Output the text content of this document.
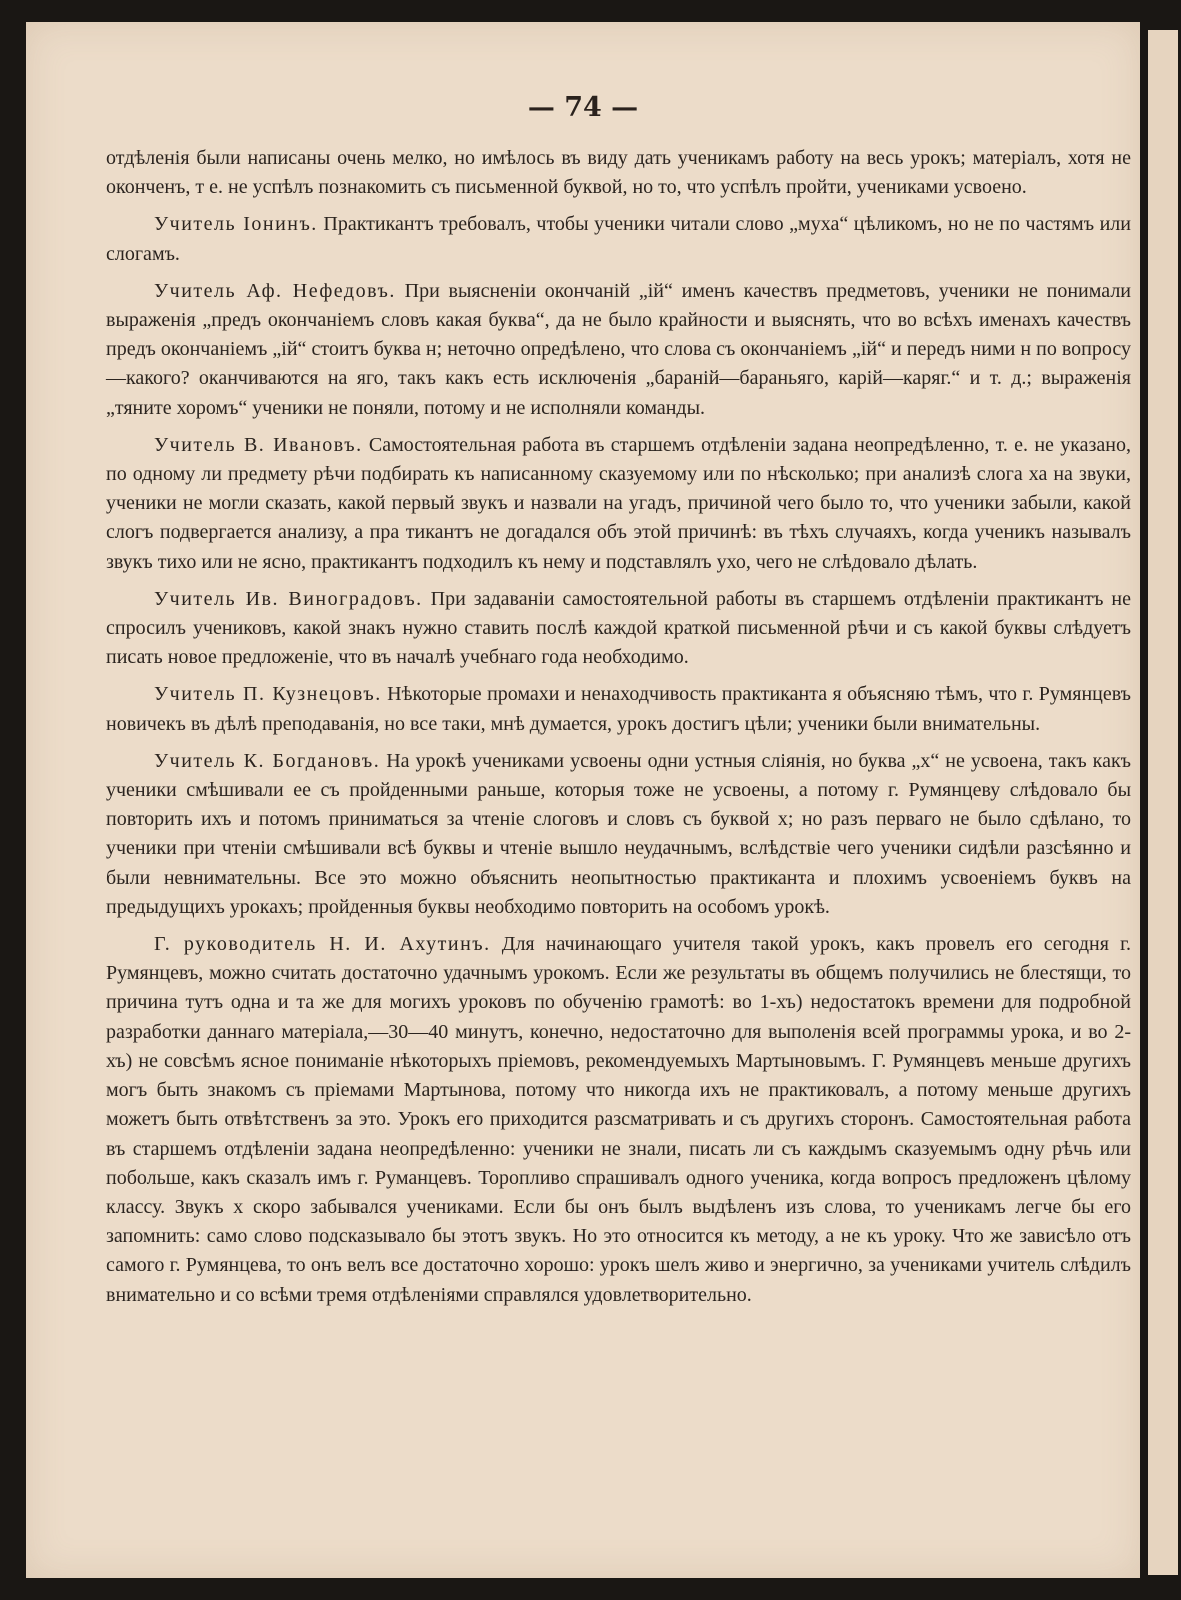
— 74 —

отдѣленія были написаны очень мелко, но имѣлось въ виду дать ученикамъ работу на весь урокъ; матеріалъ, хотя не оконченъ, т е. не успѣлъ познакомить съ письменной буквой, но то, что успѣлъ пройти, учениками усвоено.

Учитель Іонинъ. Практикантъ требовалъ, чтобы ученики читали слово „муха“ цѣликомъ, но не по частямъ или слогамъ.

Учитель Аф. Нефедовъ. При выясненіи окончаній „ій“ именъ качествъ предметовъ, ученики не понимали выраженія „предъ окончаніемъ словъ какая буква“, да не было крайности и выяснять, что во всѣхъ именахъ качествъ предъ окончаніемъ „ій“ стоитъ буква н; неточно опредѣлено, что слова съ окончаніемъ „ій“ и передъ ними н по вопросу—какого? оканчиваются на яго, такъ какъ есть исключенія „бараній—бараньяго, карій—каряг.“ и т. д.; выраженія „тяните хоромъ“ ученики не поняли, потому и не исполняли команды.

Учитель В. Ивановъ. Самостоятельная работа въ старшемъ отдѣленіи задана неопредѣленно, т. е. не указано, по одному ли предмету рѣчи подбирать къ написанному сказуемому или по нѣсколько; при анализѣ слога ха на звуки, ученики не могли сказать, какой первый звукъ и назвали на угадъ, причиной чего было то, что ученики забыли, какой слогъ подвергается анализу, а пра тикантъ не догадался объ этой причинѣ: въ тѣхъ случаяхъ, когда ученикъ называлъ звукъ тихо или не ясно, практикантъ подходилъ къ нему и подставлялъ ухо, чего не слѣдовало дѣлать.

Учитель Ив. Виноградовъ. При задаваніи самостоятельной работы въ старшемъ отдѣленіи практикантъ не спросилъ учениковъ, какой знакъ нужно ставить послѣ каждой краткой письменной рѣчи и съ какой буквы слѣдуетъ писать новое предложеніе, что въ началѣ учебнаго года необходимо.

Учитель П. Кузнецовъ. Нѣкоторые промахи и ненаходчивость практиканта я объясняю тѣмъ, что г. Румянцевъ новичекъ въ дѣлѣ преподаванія, но все таки, мнѣ думается, урокъ достигъ цѣли; ученики были внимательны.

Учитель К. Богдановъ. На урокѣ учениками усвоены одни устныя слiянія, но буква „х“ не усвоена, такъ какъ ученики смѣшивали ее съ пройденными раньше, которыя тоже не усвоены, а потому г. Румянцеву слѣдовало бы повторить ихъ и потомъ приниматься за чтеніе слоговъ и словъ съ буквой х; но разъ перваго не было сдѣлано, то ученики при чтеніи смѣшивали всѣ буквы и чтеніе вышло неудачнымъ, вслѣдствіе чего ученики сидѣли разсѣянно и были невнимательны. Все это можно объяснить неопытностью практиканта и плохимъ усвоеніемъ буквъ на предыдущихъ урокахъ; пройденныя буквы необходимо повторить на особомъ урокѣ.

Г. руководитель Н. И. Ахутинъ. Для начинающаго учителя такой урокъ, какъ провелъ его сегодня г. Румянцевъ, можно считать достаточно удачнымъ урокомъ. Если же результаты въ общемъ получились не блестящи, то причина тутъ одна и та же для могихъ уроковъ по обученію грамотѣ: во 1-хъ) недостатокъ времени для подробной разработки даннаго матеріала,—30—40 минутъ, конечно, недостаточно для выполенія всей программы урока, и во 2-хъ) не совсѣмъ ясное пониманіе нѣкоторыхъ пріемовъ, рекомендуемыхъ Мартыновымъ. Г. Румянцевъ меньше другихъ могъ быть знакомъ съ пріемами Мартынова, потому что никогда ихъ не практиковалъ, а потому меньше другихъ можетъ быть отвѣтственъ за это. Урокъ его приходится разсматривать и съ другихъ сторонъ. Самостоятельная работа въ старшемъ отдѣленіи задана неопредѣленно: ученики не знали, писать ли съ каждымъ сказуемымъ одну рѣчь или побольше, какъ сказалъ имъ г. Руманцевъ. Торопливо спрашивалъ одного ученика, когда вопросъ предложенъ цѣлому классу. Звукъ х скоро забывался учениками. Если бы онъ былъ выдѣленъ изъ слова, то ученикамъ легче бы его запомнить: само слово подсказывало бы этотъ звукъ. Но это относится къ методу, а не къ уроку. Что же зависѣло отъ самого г. Румянцева, то онъ велъ все достаточно хорошо: урокъ шелъ живо и энергично, за учениками учитель слѣдилъ внимательно и со всѣми тремя отдѣленіями справлялся удовлетворительно.
